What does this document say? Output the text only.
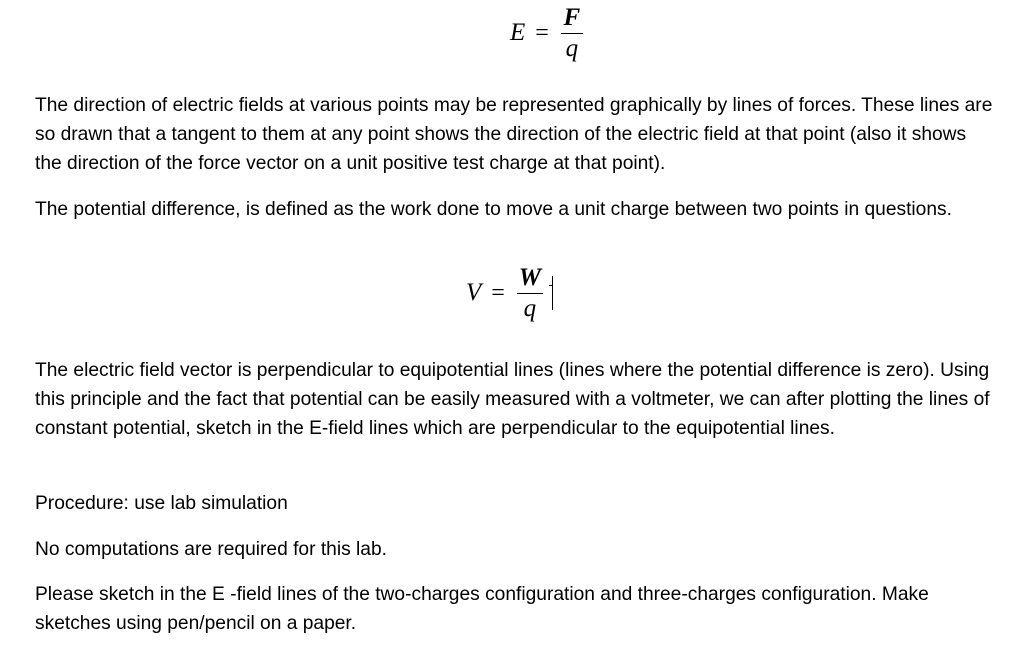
$E = \frac{F}{q}$

The direction of electric fields at various points may be represented graphically by lines of forces. These lines are so drawn that a tangent to them at any point shows the direction of the electric field at that point (also it shows the direction of the force vector on a unit positive test charge at that point).

The potential difference, is defined as the work done to move a unit charge between two points in questions.

$V = \frac{W}{q}$

The electric field vector is perpendicular to equipotential lines (lines where the potential difference is zero). Using this principle and the fact that potential can be easily measured with a voltmeter, we can after plotting the lines of constant potential, sketch in the E-field lines which are perpendicular to the equipotential lines.

Procedure: use lab simulation

No computations are required for this lab.

Please sketch in the E -field lines of the two-charges configuration and three-charges configuration. Make sketches using pen/pencil on a paper.
